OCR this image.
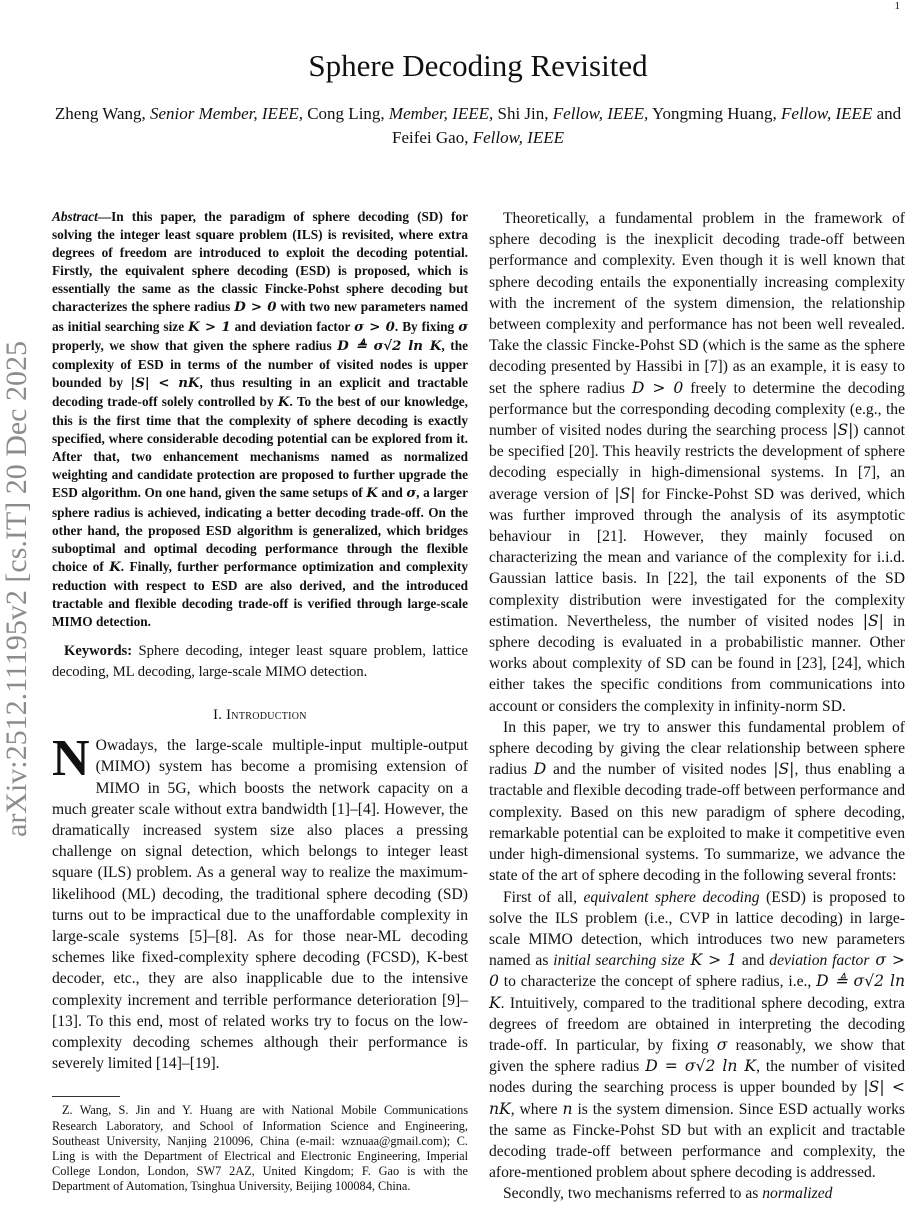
1
arXiv:2512.11195v2 [cs.IT] 20 Dec 2025
Sphere Decoding Revisited
Zheng Wang, Senior Member, IEEE, Cong Ling, Member, IEEE, Shi Jin, Fellow, IEEE, Yongming Huang, Fellow, IEEE and Feifei Gao, Fellow, IEEE

Abstract—In this paper, the paradigm of sphere decoding (SD) for solving the integer least square problem (ILS) is revisited, where extra degrees of freedom are introduced to exploit the decoding potential. Firstly, the equivalent sphere decoding (ESD) is proposed, which is essentially the same as the classic Fincke-Pohst sphere decoding but characterizes the sphere radius D > 0 with two new parameters named as initial searching size K > 1 and deviation factor σ > 0. By fixing σ properly, we show that given the sphere radius D ≜ σ√2 ln K, the complexity of ESD in terms of the number of visited nodes is upper bounded by |S| < nK, thus resulting in an explicit and tractable decoding trade-off solely controlled by K. To the best of our knowledge, this is the first time that the complexity of sphere decoding is exactly specified, where considerable decoding potential can be explored from it. After that, two enhancement mechanisms named as normalized weighting and candidate protection are proposed to further upgrade the ESD algorithm. On one hand, given the same setups of K and σ, a larger sphere radius is achieved, indicating a better decoding trade-off. On the other hand, the proposed ESD algorithm is generalized, which bridges suboptimal and optimal decoding performance through the flexible choice of K. Finally, further performance optimization and complexity reduction with respect to ESD are also derived, and the introduced tractable and flexible decoding trade-off is verified through large-scale MIMO detection.

Keywords: Sphere decoding, integer least square problem, lattice decoding, ML decoding, large-scale MIMO detection.

I. Introduction

N Owadays, the large-scale multiple-input multiple-output (MIMO) system has become a promising extension of MIMO in 5G, which boosts the network capacity on a much greater scale without extra bandwidth [1]–[4]. However, the dramatically increased system size also places a pressing challenge on signal detection, which belongs to integer least square (ILS) problem. As a general way to realize the maximum-likelihood (ML) decoding, the traditional sphere decoding (SD) turns out to be impractical due to the unaffordable complexity in large-scale systems [5]–[8]. As for those near-ML decoding schemes like fixed-complexity sphere decoding (FCSD), K-best decoder, etc., they are also inapplicable due to the intensive complexity increment and terrible performance deterioration [9]–[13]. To this end, most of related works try to focus on the low-complexity decoding schemes although their performance is severely limited [14]–[19].

Z. Wang, S. Jin and Y. Huang are with National Mobile Communications Research Laboratory, and School of Information Science and Engineering, Southeast University, Nanjing 210096, China (e-mail: wznuaa@gmail.com); C. Ling is with the Department of Electrical and Electronic Engineering, Imperial College London, London, SW7 2AZ, United Kingdom; F. Gao is with the Department of Automation, Tsinghua University, Beijing 100084, China.

Theoretically, a fundamental problem in the framework of sphere decoding is the inexplicit decoding trade-off between performance and complexity. Even though it is well known that sphere decoding entails the exponentially increasing complexity with the increment of the system dimension, the relationship between complexity and performance has not been well revealed. Take the classic Fincke-Pohst SD (which is the same as the sphere decoding presented by Hassibi in [7]) as an example, it is easy to set the sphere radius D > 0 freely to determine the decoding performance but the corresponding decoding complexity (e.g., the number of visited nodes during the searching process |S|) cannot be specified [20]. This heavily restricts the development of sphere decoding especially in high-dimensional systems. In [7], an average version of |S| for Fincke-Pohst SD was derived, which was further improved through the analysis of its asymptotic behaviour in [21]. However, they mainly focused on characterizing the mean and variance of the complexity for i.i.d. Gaussian lattice basis. In [22], the tail exponents of the SD complexity distribution were investigated for the complexity estimation. Nevertheless, the number of visited nodes |S| in sphere decoding is evaluated in a probabilistic manner. Other works about complexity of SD can be found in [23], [24], which either takes the specific conditions from communications into account or considers the complexity in infinity-norm SD.

In this paper, we try to answer this fundamental problem of sphere decoding by giving the clear relationship between sphere radius D and the number of visited nodes |S|, thus enabling a tractable and flexible decoding trade-off between performance and complexity. Based on this new paradigm of sphere decoding, remarkable potential can be exploited to make it competitive even under high-dimensional systems. To summarize, we advance the state of the art of sphere decoding in the following several fronts:

First of all, equivalent sphere decoding (ESD) is proposed to solve the ILS problem (i.e., CVP in lattice decoding) in large-scale MIMO detection, which introduces two new parameters named as initial searching size K > 1 and deviation factor σ > 0 to characterize the concept of sphere radius, i.e., D ≜ σ√2 ln K. Intuitively, compared to the traditional sphere decoding, extra degrees of freedom are obtained in interpreting the decoding trade-off. In particular, by fixing σ reasonably, we show that given the sphere radius D = σ√2 ln K, the number of visited nodes during the searching process is upper bounded by |S| < nK, where n is the system dimension. Since ESD actually works the same as Fincke-Pohst SD but with an explicit and tractable decoding trade-off between performance and complexity, the afore-mentioned problem about sphere decoding is addressed.

Secondly, two mechanisms referred to as normalized
